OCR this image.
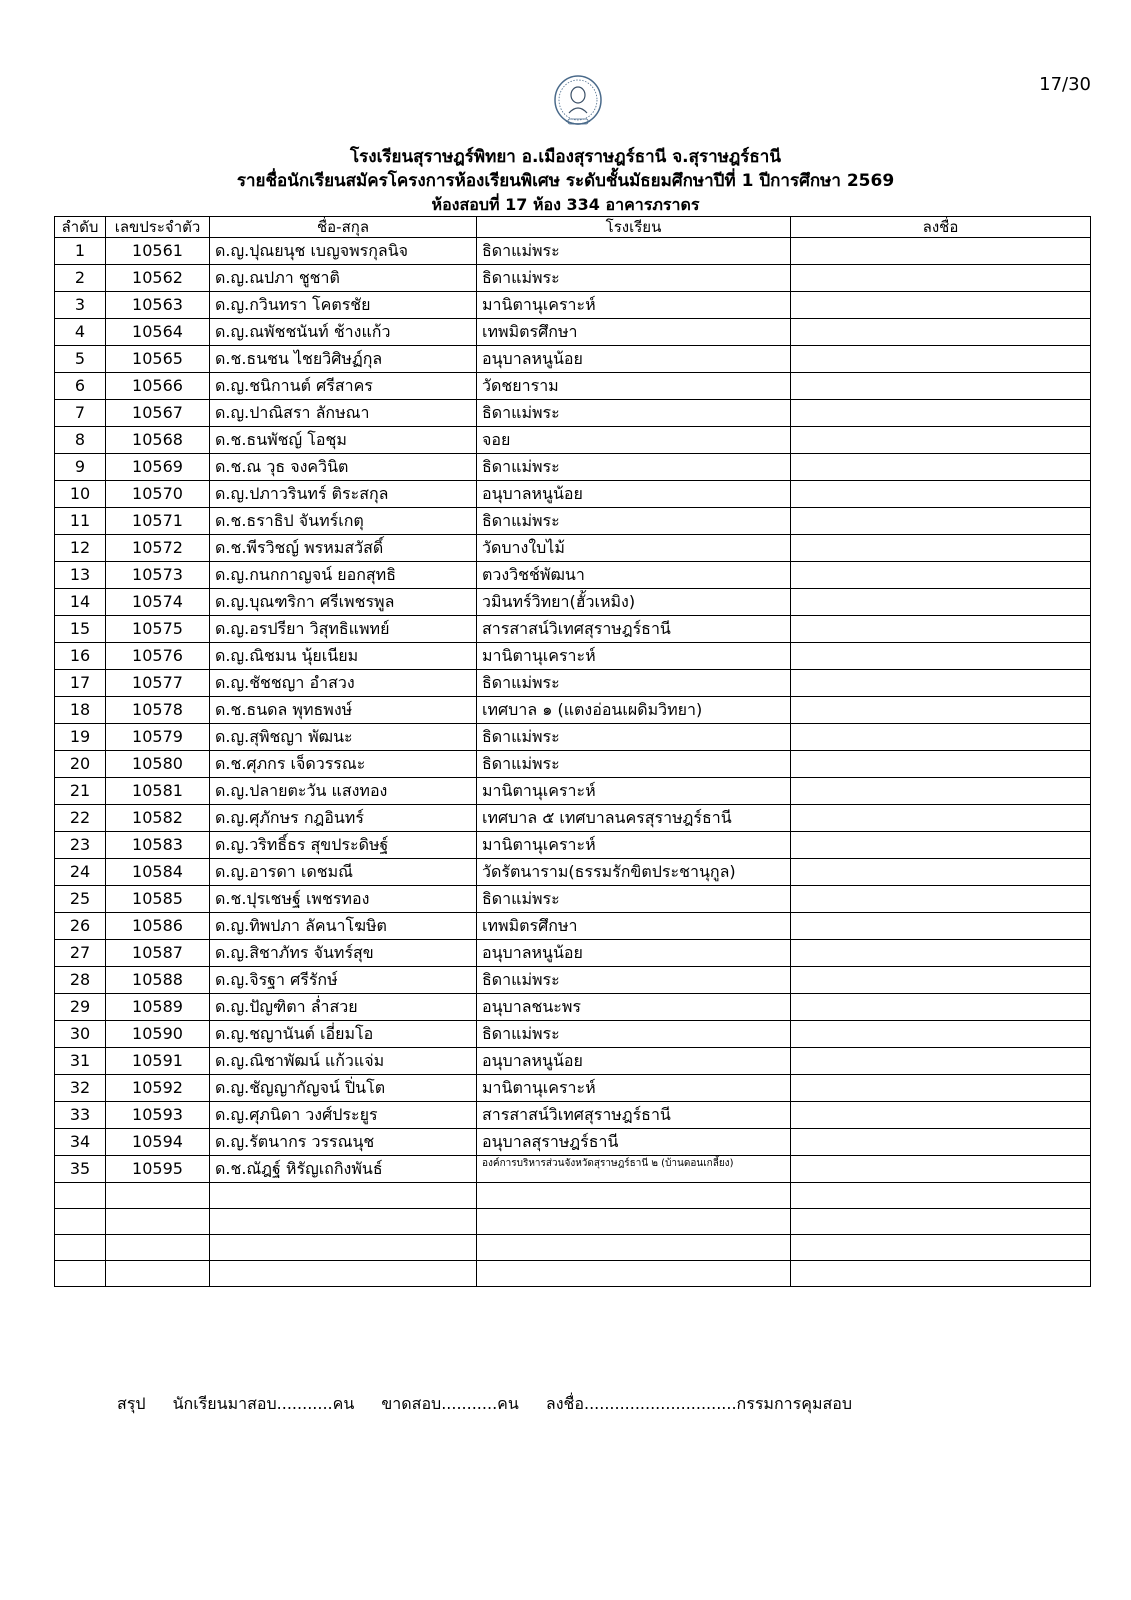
17/30
โรงเรียนสุราษฎร์พิทยา อ.เมืองสุราษฎร์ธานี จ.สุราษฎร์ธานี
รายชื่อนักเรียนสมัครโครงการห้องเรียนพิเศษ ระดับชั้นมัธยมศึกษาปีที่ 1 ปีการศึกษา 2569
ห้องสอบที่ 17 ห้อง 334 อาคารภราดร
ลำดับ	เลขประจำตัว	ชื่อ-สกุล	โรงเรียน	ลงชื่อ
1	10561	ด.ญ.ปุณยนุช เบญจพรกุลนิจ	ธิดาแม่พระ	
2	10562	ด.ญ.ณปภา ชูชาติ	ธิดาแม่พระ	
3	10563	ด.ญ.กวินทรา โคตรชัย	มานิตานุเคราะห์	
4	10564	ด.ญ.ณพัชชนันท์ ช้างแก้ว	เทพมิตรศึกษา	
5	10565	ด.ช.ธนชน ไชยวิศิษฏ์กุล	อนุบาลหนูน้อย	
6	10566	ด.ญ.ชนิกานต์ ศรีสาคร	วัดชยาราม	
7	10567	ด.ญ.ปาณิสรา ลักษณา	ธิดาแม่พระ	
8	10568	ด.ช.ธนพัชญ์ โอชุม	จอย	
9	10569	ด.ช.ณ วุธ จงควินิต	ธิดาแม่พระ	
10	10570	ด.ญ.ปภาวรินทร์ ติระสกุล	อนุบาลหนูน้อย	
11	10571	ด.ช.ธราธิป จันทร์เกตุ	ธิดาแม่พระ	
12	10572	ด.ช.พีรวิชญ์ พรหมสวัสดิ์	วัดบางใบไม้	
13	10573	ด.ญ.กนกกาญจน์ ยอกสุทธิ	ตวงวิชช์พัฒนา	
14	10574	ด.ญ.บุณฑริกา ศรีเพชรพูล	วมินทร์วิทยา(ฮั้วเหมิง)	
15	10575	ด.ญ.อรปรียา วิสุทธิแพทย์	สารสาสน์วิเทศสุราษฎร์ธานี	
16	10576	ด.ญ.ณิชมน นุ้ยเนียม	มานิตานุเคราะห์	
17	10577	ด.ญ.ชัชชญา อำสวง	ธิดาแม่พระ	
18	10578	ด.ช.ธนดล พุทธพงษ์	เทศบาล ๑ (แตงอ่อนเผดิมวิทยา)	
19	10579	ด.ญ.สุพิชญา พัฒนะ	ธิดาแม่พระ	
20	10580	ด.ช.ศุภกร เจ็ดวรรณะ	ธิดาแม่พระ	
21	10581	ด.ญ.ปลายตะวัน แสงทอง	มานิตานุเคราะห์	
22	10582	ด.ญ.ศุภักษร กฎอินทร์	เทศบาล ๕ เทศบาลนครสุราษฎร์ธานี	
23	10583	ด.ญ.วริทธิ์ธร สุขประดิษฐ์	มานิตานุเคราะห์	
24	10584	ด.ญ.อารดา เดชมณี	วัดรัตนาราม(ธรรมรักขิตประชานุกูล)	
25	10585	ด.ช.ปุรเชษฐ์ เพชรทอง	ธิดาแม่พระ	
26	10586	ด.ญ.ทิพปภา ลัคนาโฆษิต	เทพมิตรศึกษา	
27	10587	ด.ญ.สิชาภัทร จันทร์สุข	อนุบาลหนูน้อย	
28	10588	ด.ญ.จิรฐา ศรีรักษ์	ธิดาแม่พระ	
29	10589	ด.ญ.ปัญฑิตา ล่ำสวย	อนุบาลชนะพร	
30	10590	ด.ญ.ชญานันต์ เอี่ยมโอ	ธิดาแม่พระ	
31	10591	ด.ญ.ณิชาพัฒน์ แก้วแจ่ม	อนุบาลหนูน้อย	
32	10592	ด.ญ.ชัญญากัญจน์ ปิ่นโต	มานิตานุเคราะห์	
33	10593	ด.ญ.ศุภนิดา วงศ์ประยูร	สารสาสน์วิเทศสุราษฎร์ธานี	
34	10594	ด.ญ.รัตนากร วรรณนุช	อนุบาลสุราษฎร์ธานี	
35	10595	ด.ช.ณัฎฐ์ หิรัญเถกิงพันธ์	องค์การบริหารส่วนจังหวัดสุราษฎร์ธานี ๒ (บ้านดอนเกลี้ยง)	

สรุป นักเรียนมาสอบ...........คน ขาดสอบ...........คน ลงชื่อ..............................กรรมการคุมสอบ
